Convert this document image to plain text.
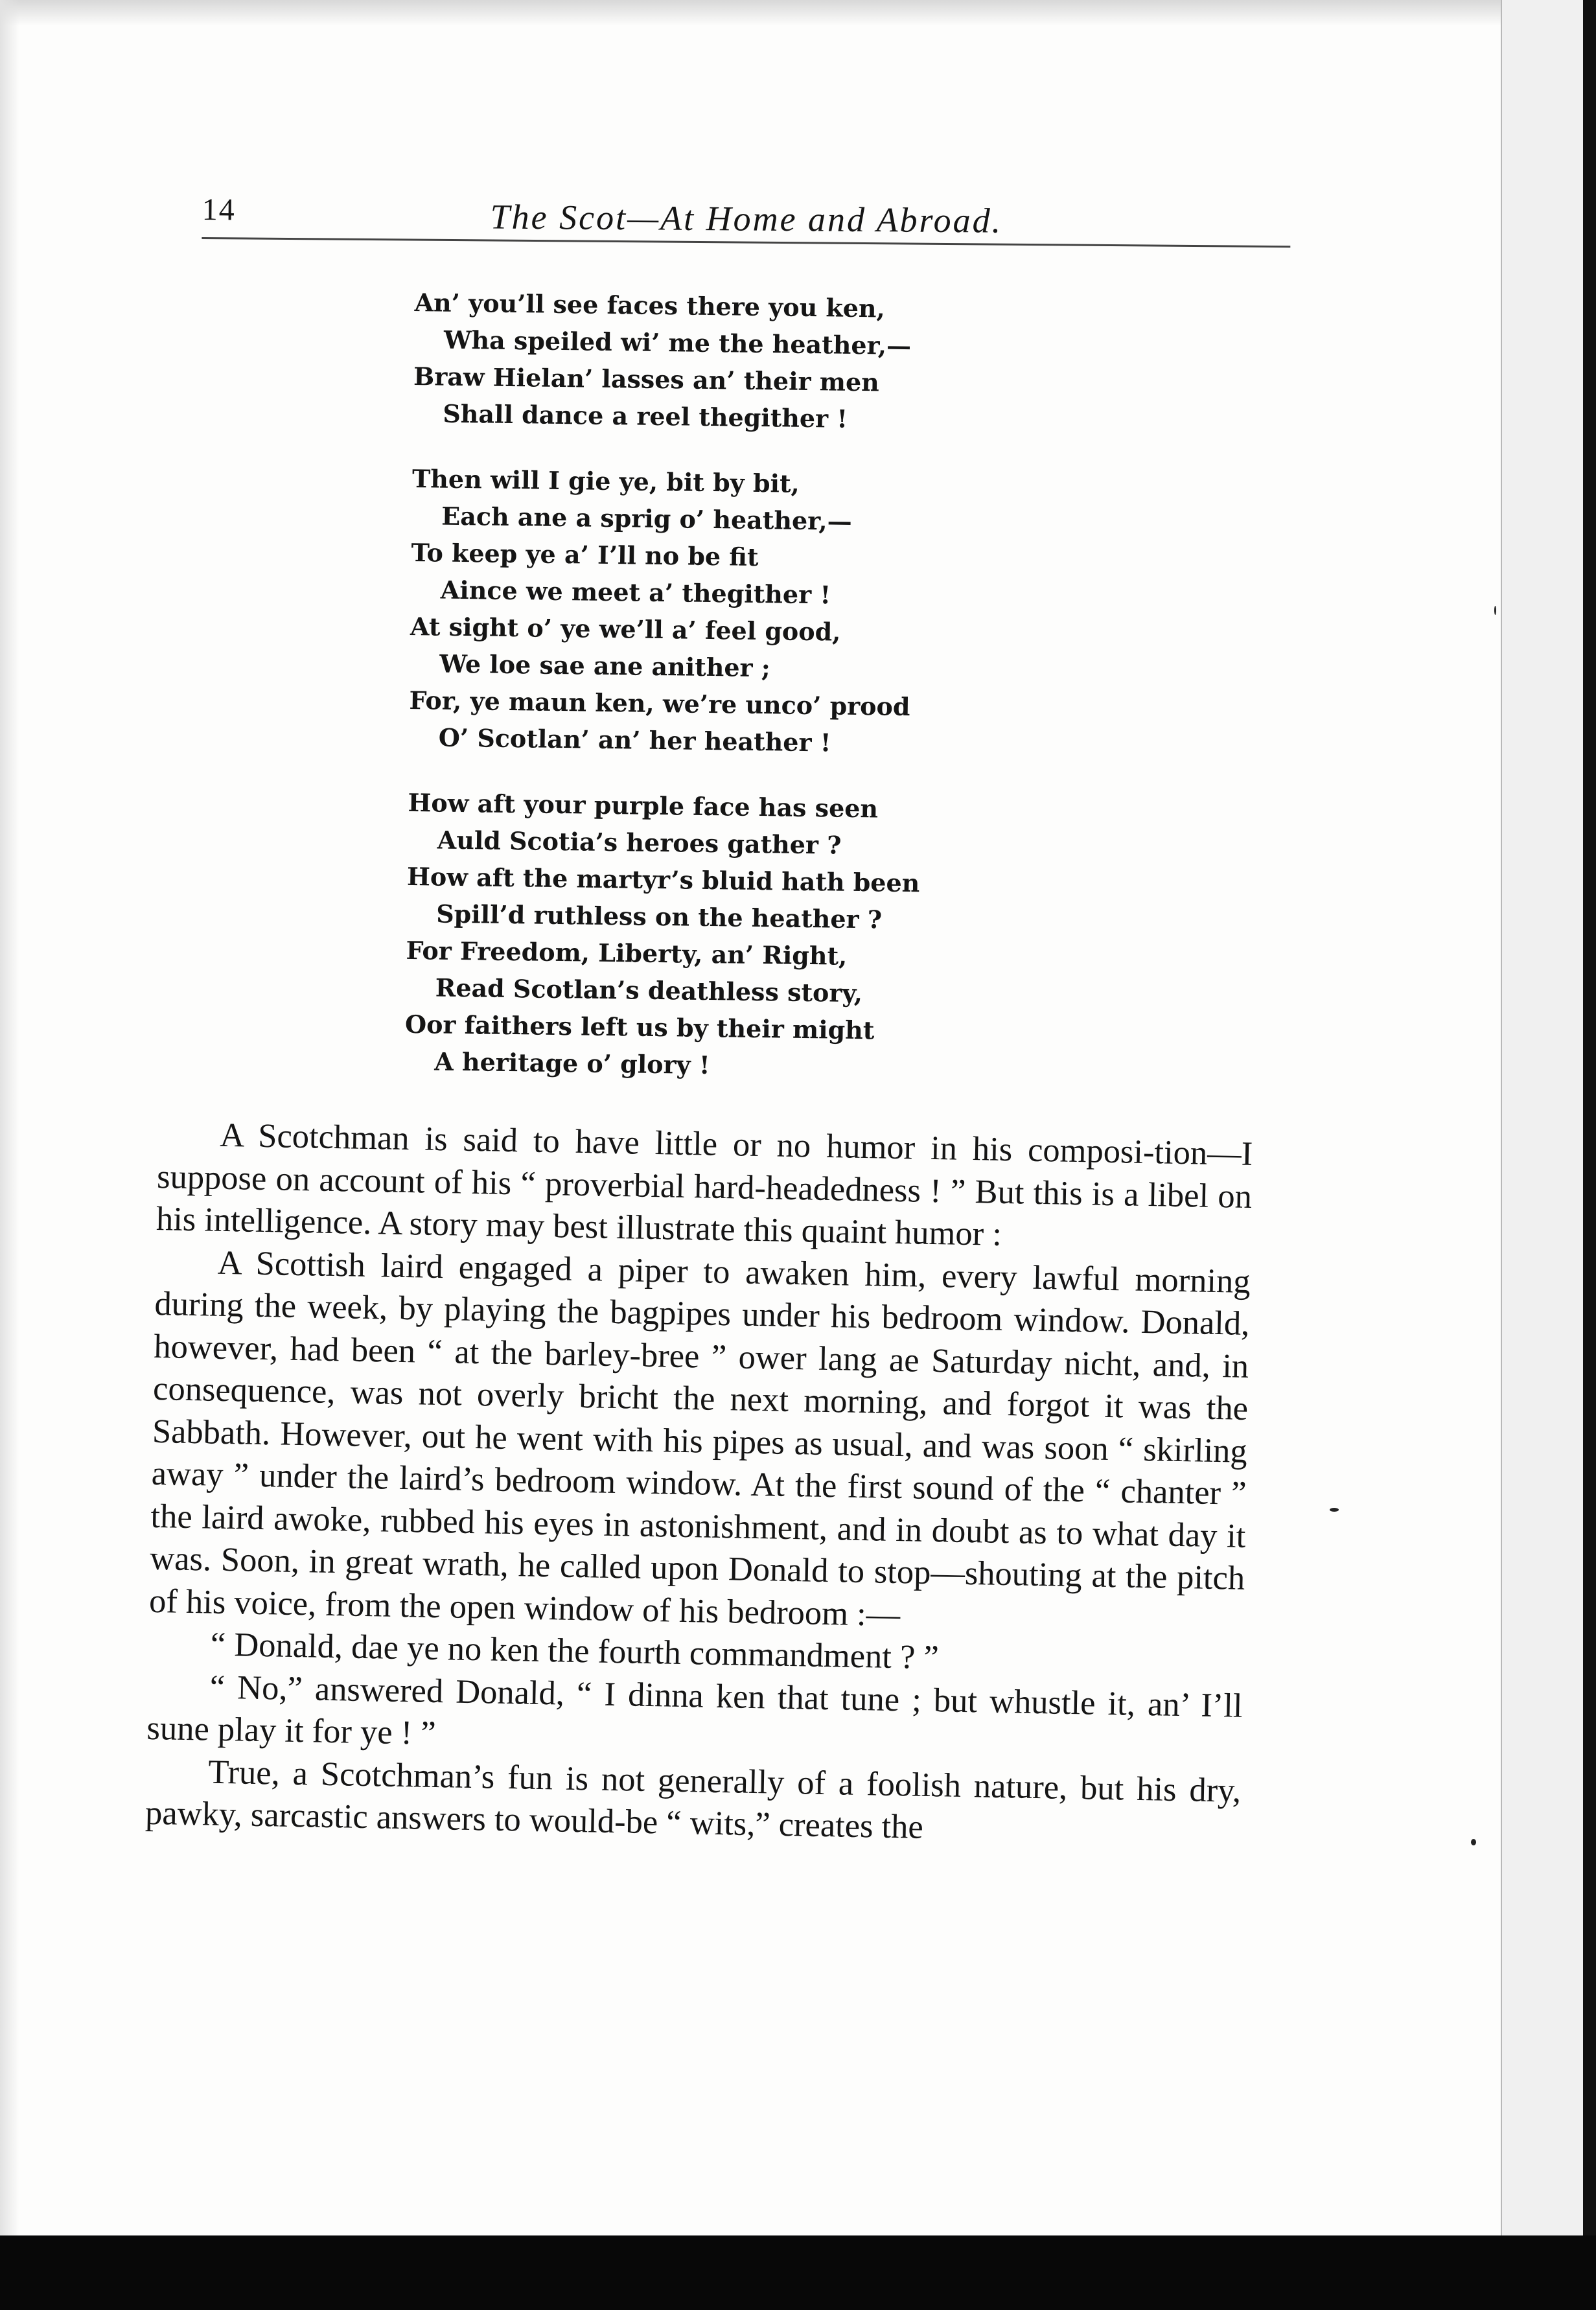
14	The Scot—At Home and Abroad.
An’ you’ll see faces there you ken,
Wha speiled wi’ me the heather,—
Braw Hielan’ lasses an’ their men
Shall dance a reel thegither !
Then will I gie ye, bit by bit,
Each ane a sprig o’ heather,—
To keep ye a’ I’ll no be fit
Aince we meet a’ thegither !
At sight o’ ye we’ll a’ feel good,
We loe sae ane anither ;
For, ye maun ken, we’re unco’ prood
O’ Scotlan’ an’ her heather !
How aft your purple face has seen
Auld Scotia’s heroes gather ?
How aft the martyr’s bluid hath been
Spill’d ruthless on the heather ?
For Freedom, Liberty, an’ Right,
Read Scotlan’s deathless story,
Oor faithers left us by their might
A heritage o’ glory !

A Scotchman is said to have little or no humor in his composi-tion—I suppose on account of his “ proverbial hard-headedness ! ” But this is a libel on his intelligence. A story may best illustrate this quaint humor :

A Scottish laird engaged a piper to awaken him, every lawful morning during the week, by playing the bagpipes under his bedroom window. Donald, however, had been “ at the barley-bree ” ower lang ae Saturday nicht, and, in consequence, was not overly bricht the next morning, and forgot it was the Sabbath. However, out he went with his pipes as usual, and was soon “ skirling away ” under the laird’s bedroom window. At the first sound of the “ chanter ” the laird awoke, rubbed his eyes in astonishment, and in doubt as to what day it was. Soon, in great wrath, he called upon Donald to stop—shouting at the pitch of his voice, from the open window of his bedroom :—

“ Donald, dae ye no ken the fourth commandment ? ”

“ No,” answered Donald, “ I dinna ken that tune ; but whustle it, an’ I’ll sune play it for ye ! ”

True, a Scotchman’s fun is not generally of a foolish nature, but his dry, pawky, sarcastic answers to would-be “ wits,” creates the
